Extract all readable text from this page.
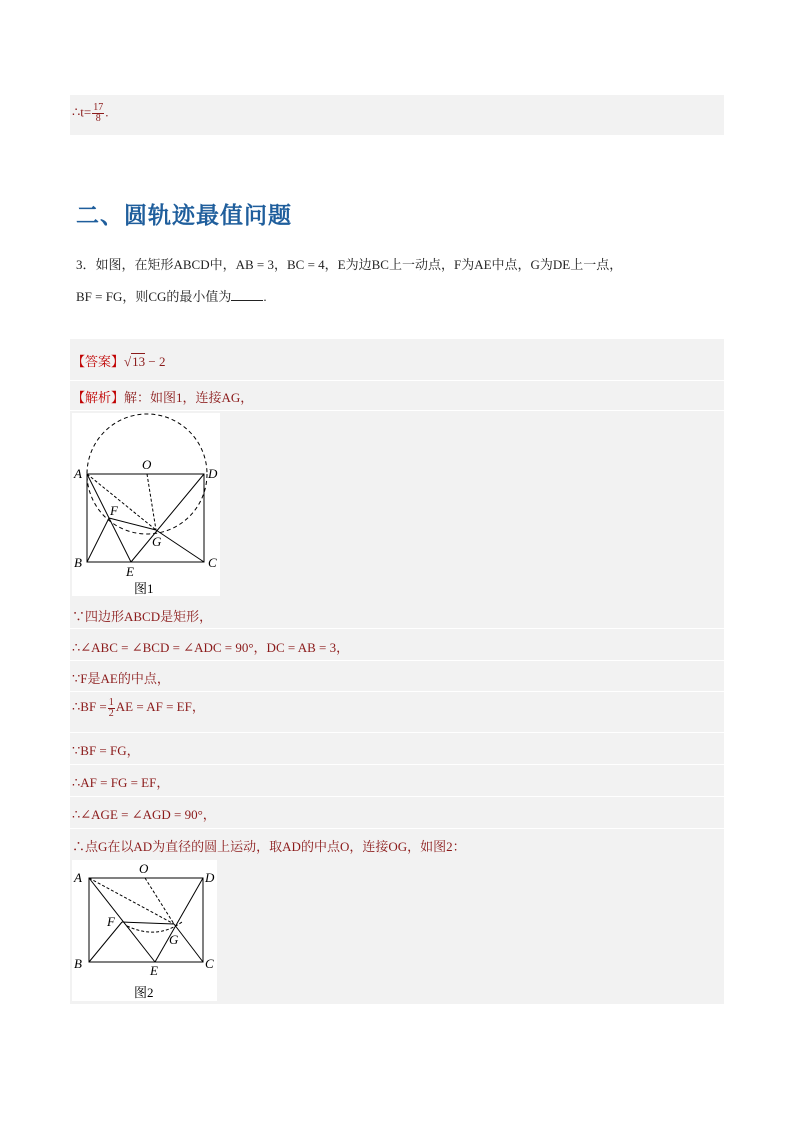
∴t= $\frac{17}{8}$ .
二、圆轨迹最值问题
3．如图，在矩形ABCD中，AB = 3，BC = 4，E为边BC上一动点，F为AE中点，G为DE上一点，
BF = FG，则CG的最小值为 .
【答案】√13 − 2
【解析】解：如图1，连接AG，
A	D
B	C
O
E
F
G
图1
∵四边形ABCD是矩形，
∴∠ABC = ∠BCD = ∠ADC = 90°，DC = AB = 3，
∵F是AE的中点，
∴BF = $\frac{1}{2}$ AE = AF = EF，
∵BF = FG，
∴AF = FG = EF，
∴∠AGE = ∠AGD = 90°，
∴点G在以AD为直径的圆上运动，取AD的中点O，连接OG，如图2：
A	D
B	C
O
E
F
G
图2
